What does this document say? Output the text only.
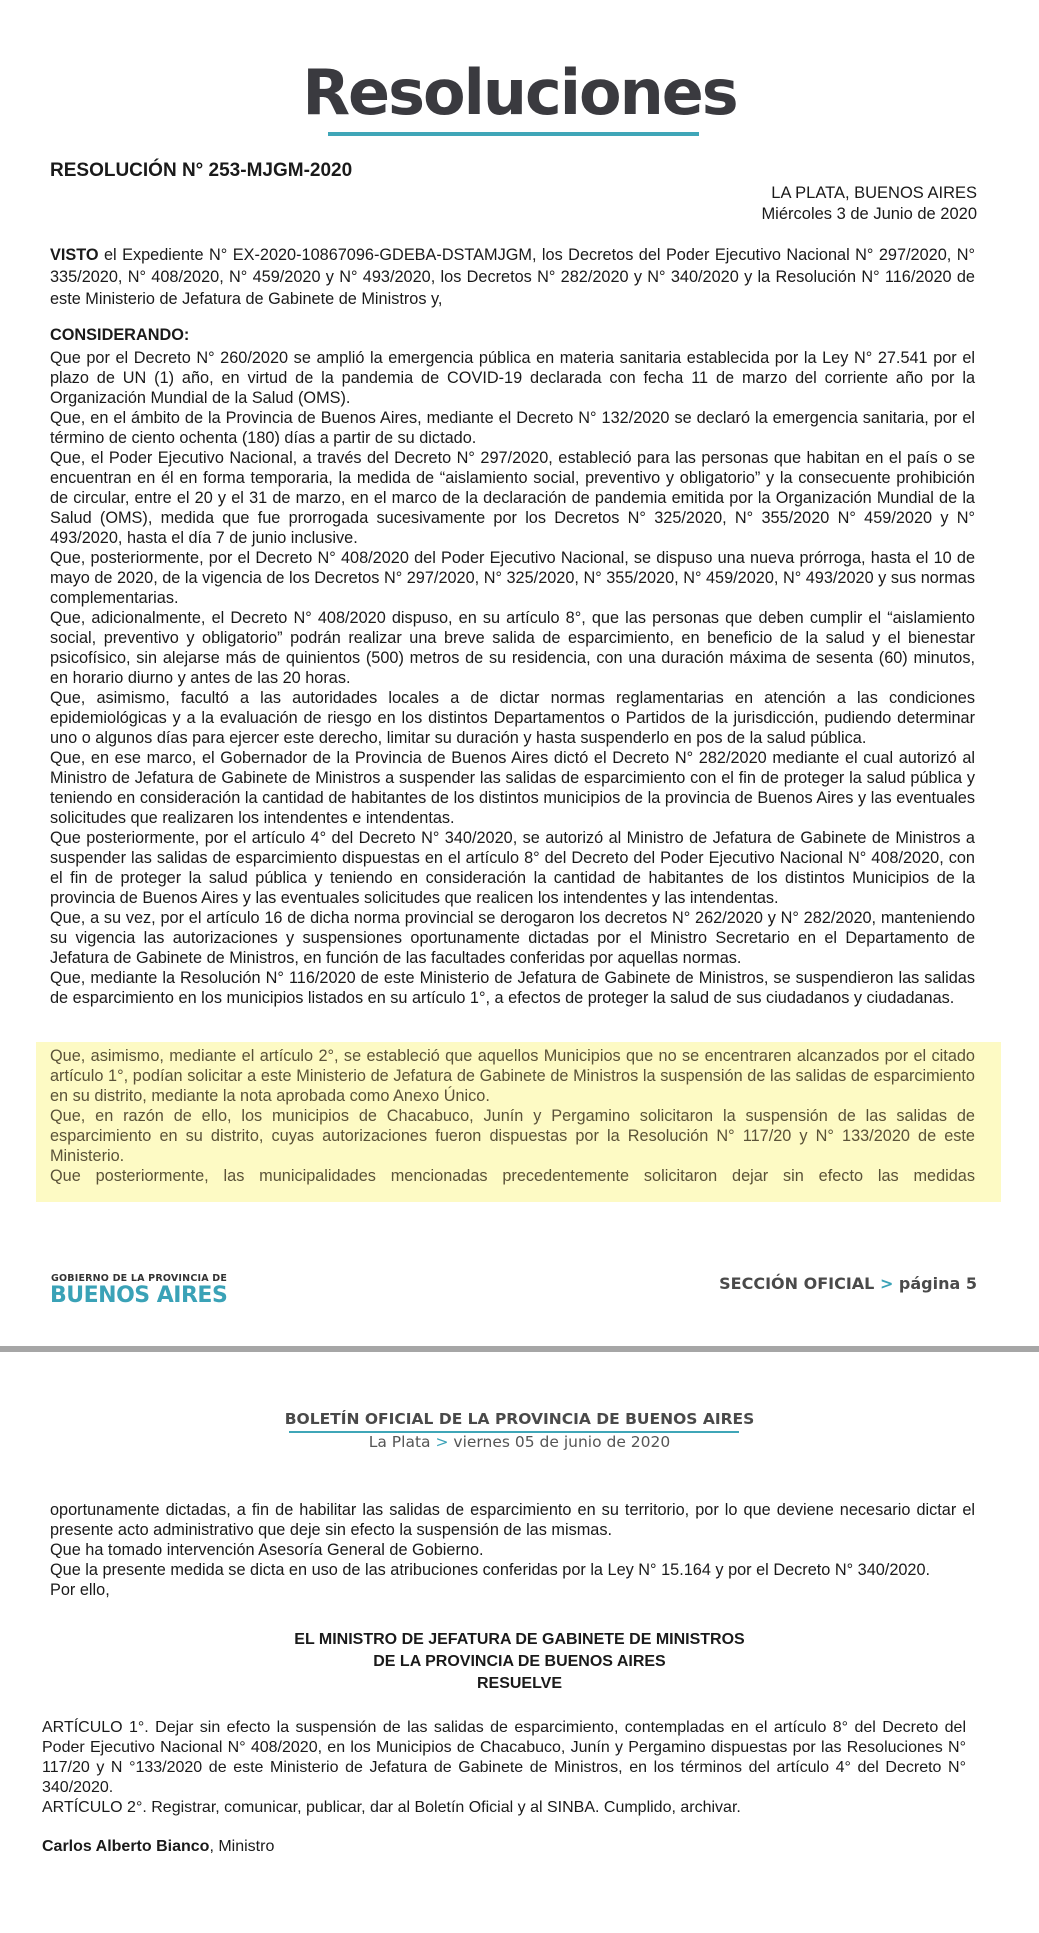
Resoluciones
RESOLUCIÓN N° 253-MJGM-2020
LA PLATA, BUENOS AIRES
Miércoles 3 de Junio de 2020
VISTO el Expediente N° EX-2020-10867096-GDEBA-DSTAMJGM, los Decretos del Poder Ejecutivo Nacional N° 297/2020, N° 335/2020, N° 408/2020, N° 459/2020 y N° 493/2020, los Decretos N° 282/2020 y N° 340/2020 y la Resolución N° 116/2020 de este Ministerio de Jefatura de Gabinete de Ministros y,
CONSIDERANDO:

Que por el Decreto N° 260/2020 se amplió la emergencia pública en materia sanitaria establecida por la Ley N° 27.541 por el plazo de UN (1) año, en virtud de la pandemia de COVID-19 declarada con fecha 11 de marzo del corriente año por la Organización Mundial de la Salud (OMS).

Que, en el ámbito de la Provincia de Buenos Aires, mediante el Decreto N° 132/2020 se declaró la emergencia sanitaria, por el término de ciento ochenta (180) días a partir de su dictado.

Que, el Poder Ejecutivo Nacional, a través del Decreto N° 297/2020, estableció para las personas que habitan en el país o se encuentran en él en forma temporaria, la medida de “aislamiento social, preventivo y obligatorio” y la consecuente prohibición de circular, entre el 20 y el 31 de marzo, en el marco de la declaración de pandemia emitida por la Organización Mundial de la Salud (OMS), medida que fue prorrogada sucesivamente por los Decretos N° 325/2020, N° 355/2020 N° 459/2020 y N° 493/2020, hasta el día 7 de junio inclusive.

Que, posteriormente, por el Decreto N° 408/2020 del Poder Ejecutivo Nacional, se dispuso una nueva prórroga, hasta el 10 de mayo de 2020, de la vigencia de los Decretos N° 297/2020, N° 325/2020, N° 355/2020, N° 459/2020, N° 493/2020 y sus normas complementarias.

Que, adicionalmente, el Decreto N° 408/2020 dispuso, en su artículo 8°, que las personas que deben cumplir el “aislamiento social, preventivo y obligatorio” podrán realizar una breve salida de esparcimiento, en beneficio de la salud y el bienestar psicofísico, sin alejarse más de quinientos (500) metros de su residencia, con una duración máxima de sesenta (60) minutos, en horario diurno y antes de las 20 horas.

Que, asimismo, facultó a las autoridades locales a de dictar normas reglamentarias en atención a las condiciones epidemiológicas y a la evaluación de riesgo en los distintos Departamentos o Partidos de la jurisdicción, pudiendo determinar uno o algunos días para ejercer este derecho, limitar su duración y hasta suspenderlo en pos de la salud pública.

Que, en ese marco, el Gobernador de la Provincia de Buenos Aires dictó el Decreto N° 282/2020 mediante el cual autorizó al Ministro de Jefatura de Gabinete de Ministros a suspender las salidas de esparcimiento con el fin de proteger la salud pública y teniendo en consideración la cantidad de habitantes de los distintos municipios de la provincia de Buenos Aires y las eventuales solicitudes que realizaren los intendentes e intendentas.

Que posteriormente, por el artículo 4° del Decreto N° 340/2020, se autorizó al Ministro de Jefatura de Gabinete de Ministros a suspender las salidas de esparcimiento dispuestas en el artículo 8° del Decreto del Poder Ejecutivo Nacional N° 408/2020, con el fin de proteger la salud pública y teniendo en consideración la cantidad de habitantes de los distintos Municipios de la provincia de Buenos Aires y las eventuales solicitudes que realicen los intendentes y las intendentas.

Que, a su vez, por el artículo 16 de dicha norma provincial se derogaron los decretos N° 262/2020 y N° 282/2020, manteniendo su vigencia las autorizaciones y suspensiones oportunamente dictadas por el Ministro Secretario en el Departamento de Jefatura de Gabinete de Ministros, en función de las facultades conferidas por aquellas normas.

Que, mediante la Resolución N° 116/2020 de este Ministerio de Jefatura de Gabinete de Ministros, se suspendieron las salidas de esparcimiento en los municipios listados en su artículo 1°, a efectos de proteger la salud de sus ciudadanos y ciudadanas.

Que, asimismo, mediante el artículo 2°, se estableció que aquellos Municipios que no se encentraren alcanzados por el citado artículo 1°, podían solicitar a este Ministerio de Jefatura de Gabinete de Ministros la suspensión de las salidas de esparcimiento en su distrito, mediante la nota aprobada como Anexo Único.

Que, en razón de ello, los municipios de Chacabuco, Junín y Pergamino solicitaron la suspensión de las salidas de esparcimiento en su distrito, cuyas autorizaciones fueron dispuestas por la Resolución N° 117/20 y N° 133/2020 de este Ministerio.

Que posteriormente, las municipalidades mencionadas precedentemente solicitaron dejar sin efecto las medidas

GOBIERNO DE LA PROVINCIA DE
BUENOS AIRES	SECCIÓN OFICIAL > página 5
BOLETÍN OFICIAL DE LA PROVINCIA DE BUENOS AIRES
La Plata > viernes 05 de junio de 2020

oportunamente dictadas, a fin de habilitar las salidas de esparcimiento en su territorio, por lo que deviene necesario dictar el presente acto administrativo que deje sin efecto la suspensión de las mismas.

Que ha tomado intervención Asesoría General de Gobierno.

Que la presente medida se dicta en uso de las atribuciones conferidas por la Ley N° 15.164 y por el Decreto N° 340/2020.

Por ello,

EL MINISTRO DE JEFATURA DE GABINETE DE MINISTROS
DE LA PROVINCIA DE BUENOS AIRES
RESUELVE

ARTÍCULO 1°. Dejar sin efecto la suspensión de las salidas de esparcimiento, contempladas en el artículo 8° del Decreto del Poder Ejecutivo Nacional N° 408/2020, en los Municipios de Chacabuco, Junín y Pergamino dispuestas por las Resoluciones N° 117/20 y N °133/2020 de este Ministerio de Jefatura de Gabinete de Ministros, en los términos del artículo 4° del Decreto N° 340/2020.

ARTÍCULO 2°. Registrar, comunicar, publicar, dar al Boletín Oficial y al SINBA. Cumplido, archivar.

Carlos Alberto Bianco, Ministro
